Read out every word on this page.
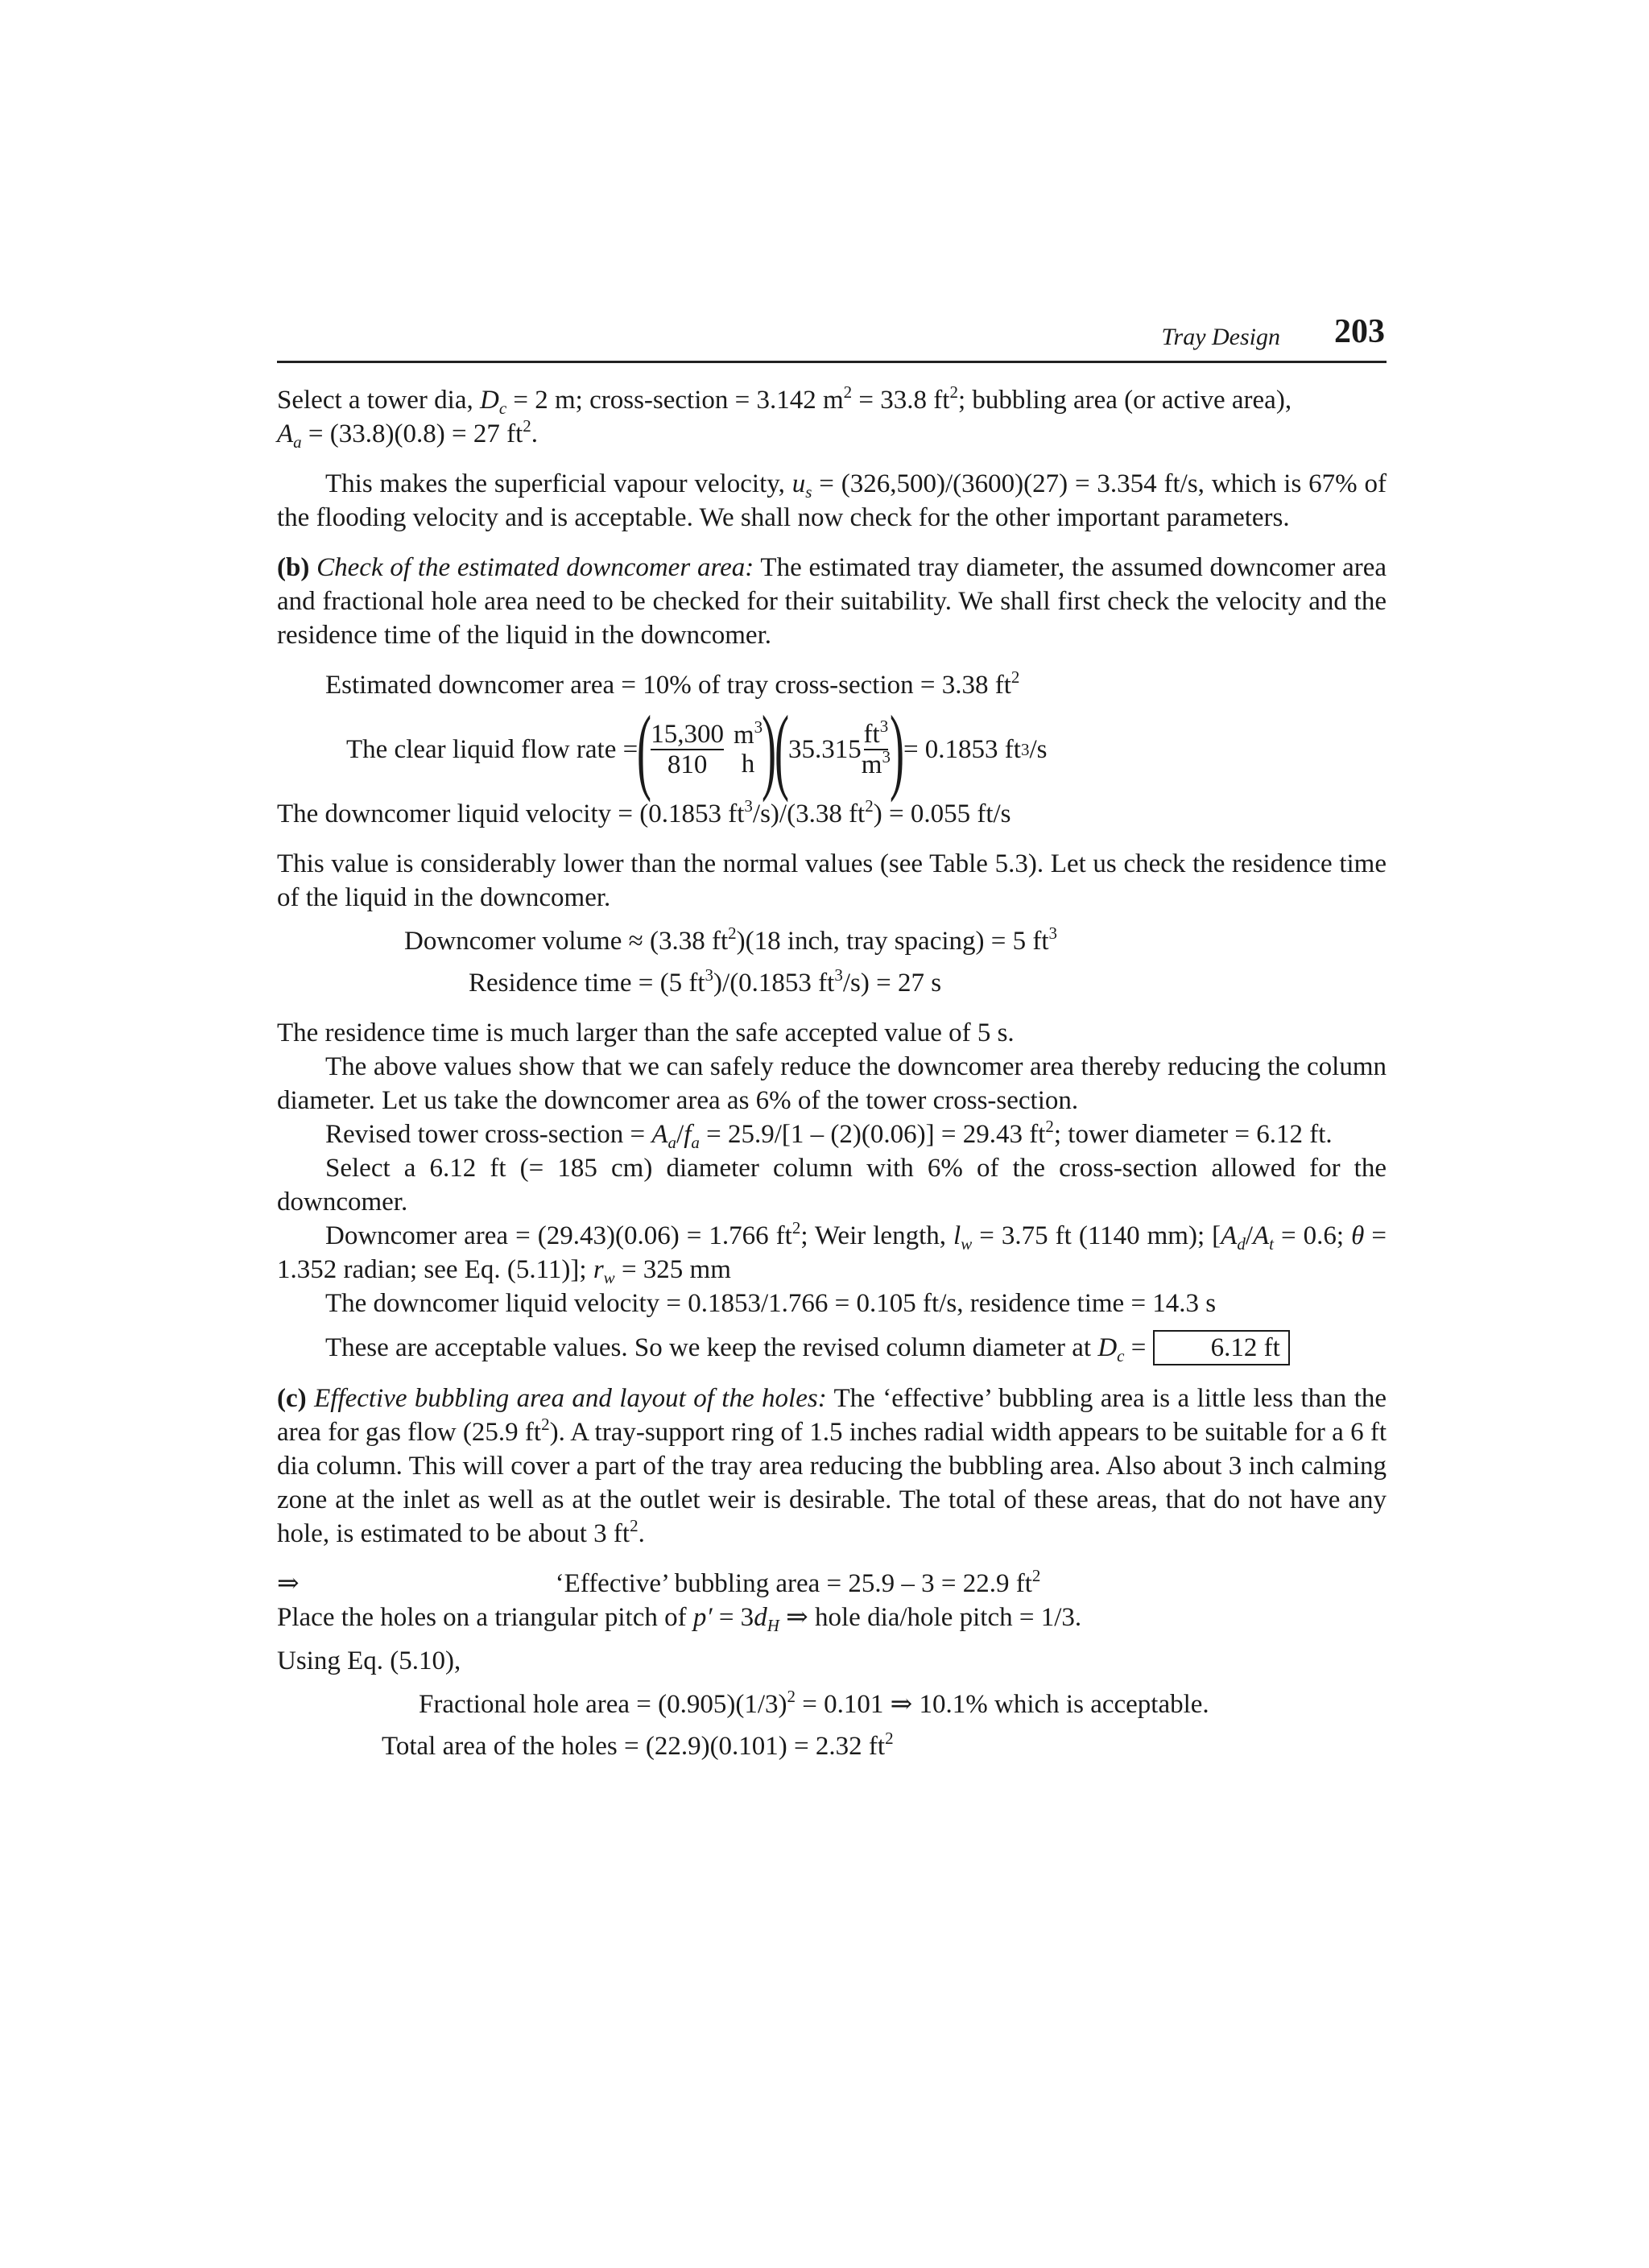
Tray Design 203

Select a tower dia, $D_c = 2$ m; cross-section = 3.142 $m^2 = 33.8$ $ft^2$; bubbling area (or active area),
$A_a = (33.8)(0.8) = 27$ $ft^2$.

This makes the superficial vapour velocity, $u_s = (326,500)/(3600)(27) = 3.354$ ft/s, which is 67% of the flooding velocity and is acceptable. We shall now check for the other important parameters.

(b) Check of the estimated downcomer area: The estimated tray diameter, the assumed downcomer area and fractional hole area need to be checked for their suitability. We shall first check the velocity and the residence time of the liquid in the downcomer.

Estimated downcomer area = 10% of tray cross-section = 3.38 $ft^2$

The clear liquid flow rate =
(
$\frac{15,300}{810} m^3$
h )
(
$35.315 \frac{ft^3}{m^3}$
)
= 0.1853 ft 3 /s

The downcomer liquid velocity = (0.1853 $ft^3/s)/(3.38$ $ft^2) = 0.055$ ft/s

This value is considerably lower than the normal values (see Table 5.3). Let us check the residence time of the liquid in the downcomer.

Downcomer volume ≈ (3.38 $ft^2)(18$ inch, tray spacing) = 5 $ft^3$

Residence time = (5 $ft^3)/(0.1853$ $ft^3/s) = 27$ s

The residence time is much larger than the safe accepted value of 5 s.

The above values show that we can safely reduce the downcomer area thereby reducing the column diameter. Let us take the downcomer area as 6% of the tower cross-section.

Revised tower cross-section = $A_a/f_a = 25.9/[1 - (2)(0.06)] = 29.43$ $ft^2$; tower diameter = 6.12 ft.

Select a 6.12 ft (= 185 cm) diameter column with 6% of the cross-section allowed for the downcomer.

Downcomer area = (29.43)(0.06) = 1.766 $ft^2$; Weir length, $l_w = 3.75$ ft (1140 mm); [$A_d/A_t = 0.6$; θ = 1.352 radian; see Eq. (5.11)]; $r_w = 325$ mm

The downcomer liquid velocity = 0.1853/1.766 = 0.105 ft/s, residence time = 14.3 s

These are acceptable values. So we keep the revised column diameter at $D_c = 6.12$ ft

(c) Effective bubbling area and layout of the holes: The ‘effective’ bubbling area is a little less than the area for gas flow (25.9 $ft^2$). A tray-support ring of 1.5 inches radial width appears to be suitable for a 6 ft dia column. This will cover a part of the tray area reducing the bubbling area. Also about 3 inch calming zone at the inlet as well as at the outlet weir is desirable. The total of these areas, that do not have any hole, is estimated to be about 3 $ft^2$.

⇒	‘Effective’ bubbling area = 25.9 – 3 = 22.9 $ft^2$

Place the holes on a triangular pitch of $p' = 3d_H$ ⇒ hole dia/hole pitch = 1/3.

Using Eq. (5.10),

Fractional hole area = $(0.905)(1/3)^2 = 0.101$ ⇒ 10.1% which is acceptable.

Total area of the holes = (22.9)(0.101) = 2.32 $ft^2$
